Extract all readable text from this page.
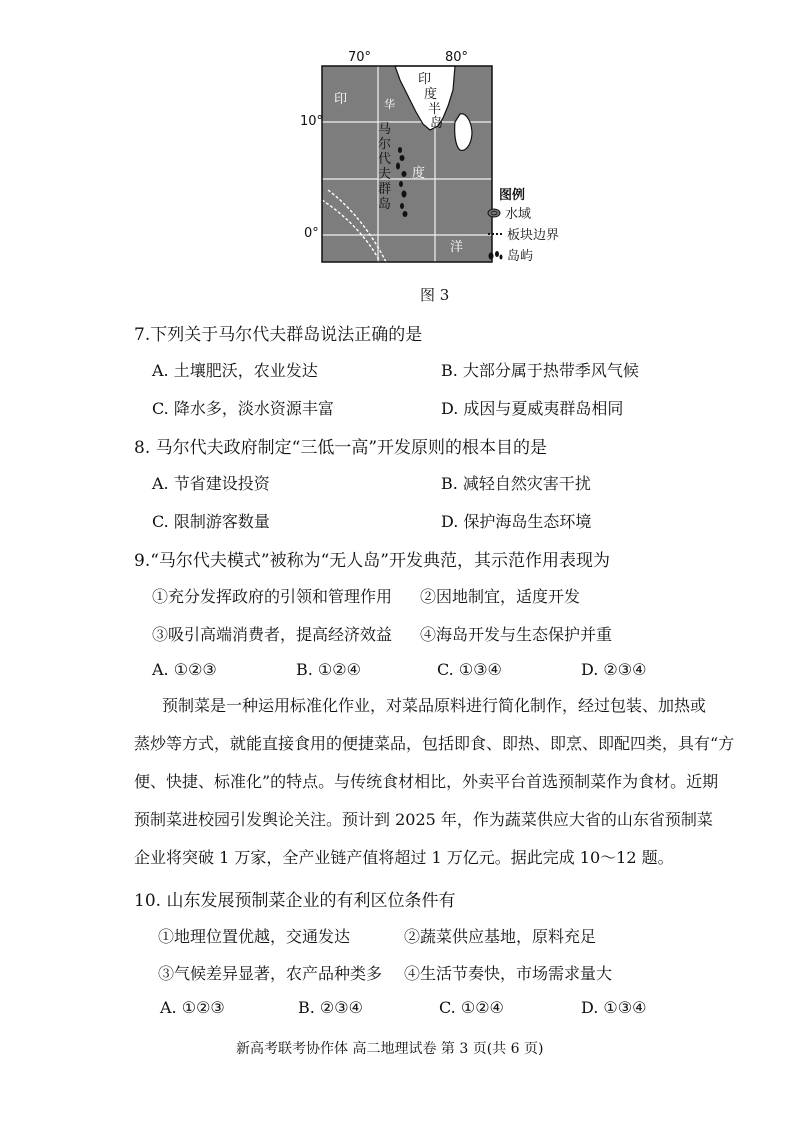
70°	80°
10°
0°
印
度
半
岛
印
度
洋
华
马
尔
代
夫
群
岛
图例
水域
板块边界
岛屿
图 3
7.下列关于马尔代夫群岛说法正确的是
A. 土壤肥沃，农业发达	B. 大部分属于热带季风气候
C. 降水多，淡水资源丰富	D. 成因与夏威夷群岛相同
8. 马尔代夫政府制定“三低一高”开发原则的根本目的是
A. 节省建设投资	B. 减轻自然灾害干扰
C. 限制游客数量	D. 保护海岛生态环境
9.“马尔代夫模式”被称为“无人岛”开发典范，其示范作用表现为
①充分发挥政府的引领和管理作用 ②因地制宜，适度开发
③吸引高端消费者，提高经济效益 ④海岛开发与生态保护并重
A. ①②③	B. ①②④	C. ①③④	D. ②③④
预制菜是一种运用标准化作业，对菜品原料进行简化制作，经过包装、加热或
蒸炒等方式，就能直接食用的便捷菜品，包括即食、即热、即烹、即配四类，具有“方
便、快捷、标准化”的特点。与传统食材相比，外卖平台首选预制菜作为食材。近期
预制菜进校园引发舆论关注。预计到 2025 年，作为蔬菜供应大省的山东省预制菜
企业将突破 1 万家，全产业链产值将超过 1 万亿元。据此完成 10～12 题。
10. 山东发展预制菜企业的有利区位条件有
①地理位置优越，交通发达	②蔬菜供应基地，原料充足
③气候差异显著，农产品种类多 ④生活节奏快，市场需求量大
A. ①②③	B. ②③④	C. ①②④	D. ①③④
新高考联考协作体 高二地理试卷 第 3 页(共 6 页)
